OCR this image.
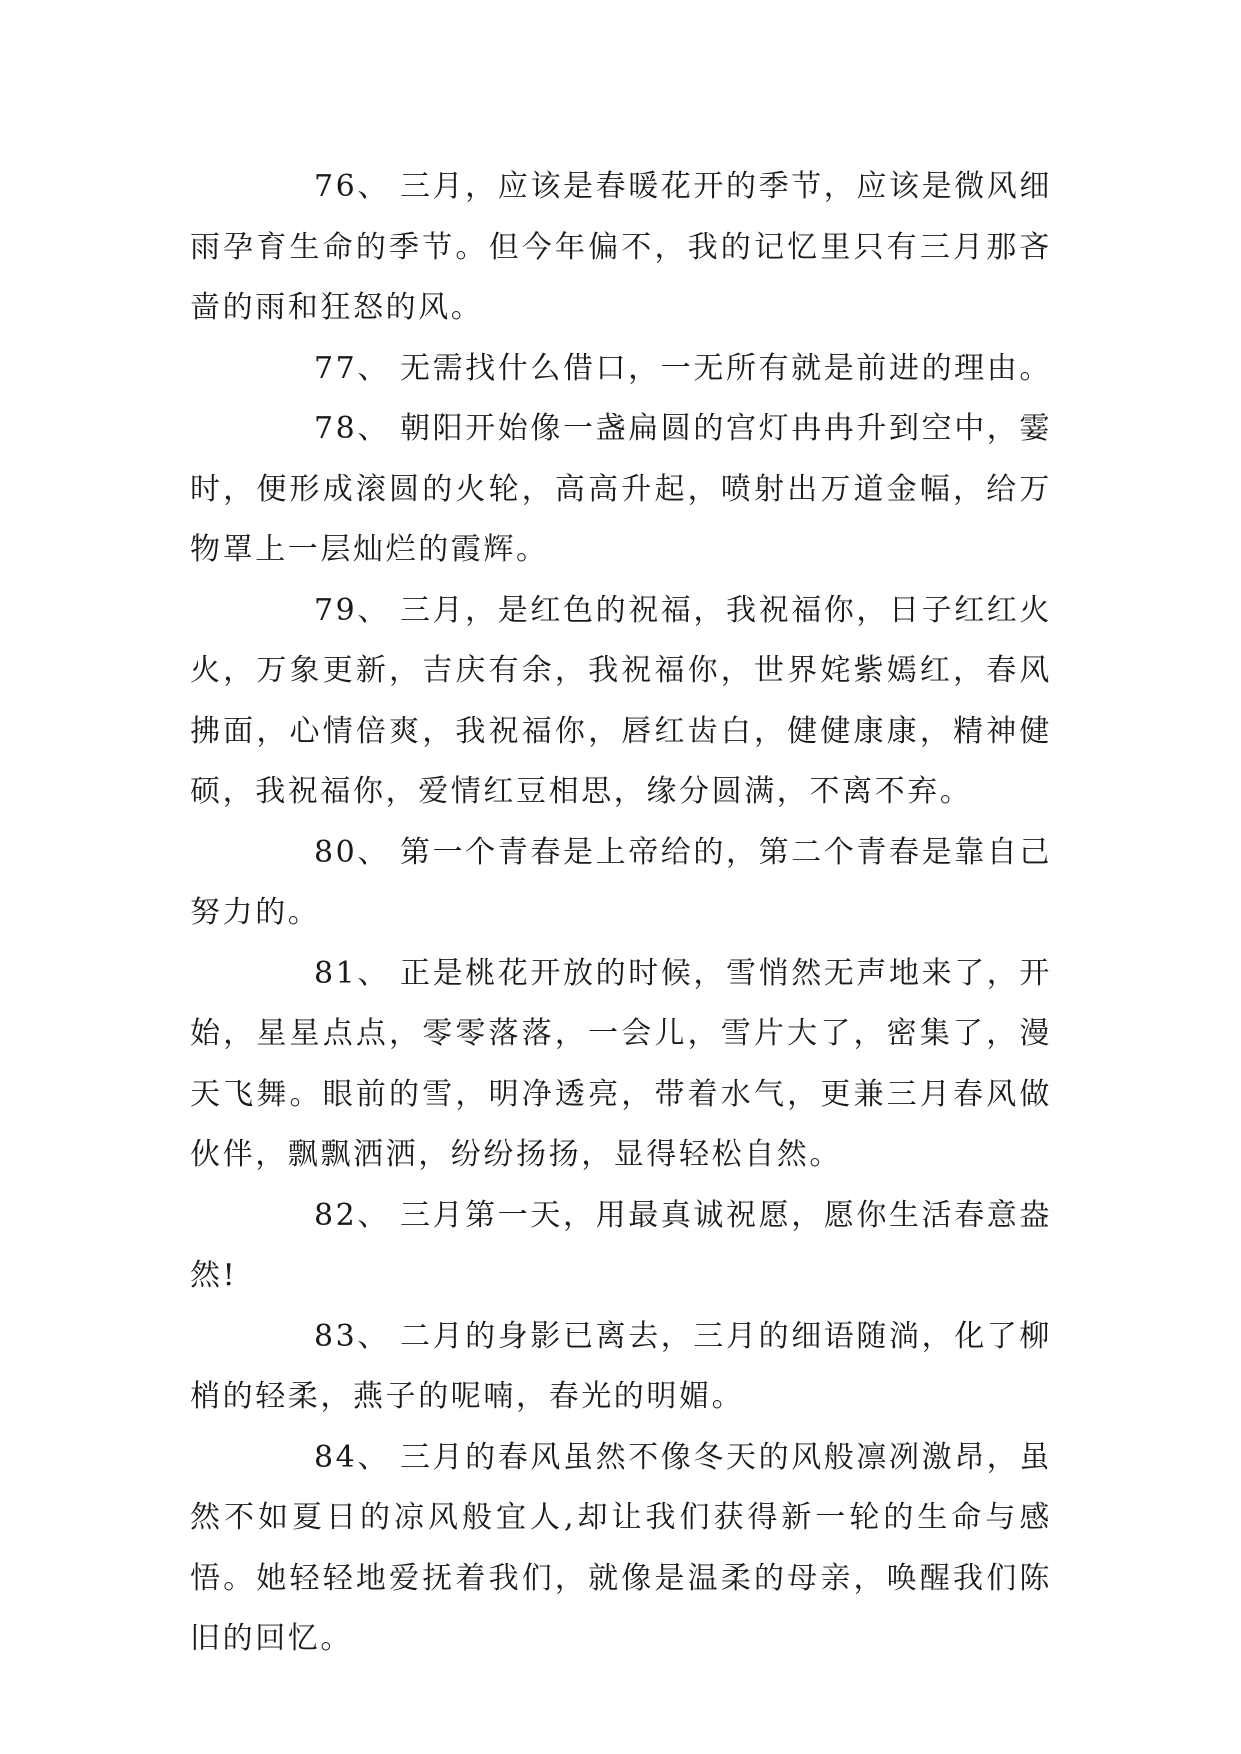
76、 三月，应该是春暖花开的季节，应该是微风细雨孕育生命的季节。但今年偏不，我的记忆里只有三月那吝啬的雨和狂怒的风。

77、 无需找什么借口，一无所有就是前进的理由。

78、 朝阳开始像一盏扁圆的宫灯冉冉升到空中，霎时，便形成滚圆的火轮，高高升起，喷射出万道金幅，给万物罩上一层灿烂的霞辉。

79、 三月，是红色的祝福，我祝福你，日子红红火火，万象更新，吉庆有余，我祝福你，世界姹紫嫣红，春风拂面，心情倍爽，我祝福你，唇红齿白，健健康康，精神健硕，我祝福你，爱情红豆相思，缘分圆满，不离不弃。

80、 第一个青春是上帝给的，第二个青春是靠自己努力的。

81、 正是桃花开放的时候，雪悄然无声地来了，开始，星星点点，零零落落，一会儿，雪片大了，密集了，漫天飞舞。眼前的雪，明净透亮，带着水气，更兼三月春风做伙伴，飘飘洒洒，纷纷扬扬，显得轻松自然。

82、 三月第一天，用最真诚祝愿，愿你生活春意盎然!

83、 二月的身影已离去，三月的细语随淌，化了柳梢的轻柔，燕子的呢喃，春光的明媚。

84、 三月的春风虽然不像冬天的风般凛冽激昂，虽然不如夏日的凉风般宜人,却让我们获得新一轮的生命与感悟。她轻轻地爱抚着我们，就像是温柔的母亲，唤醒我们陈旧的回忆。
